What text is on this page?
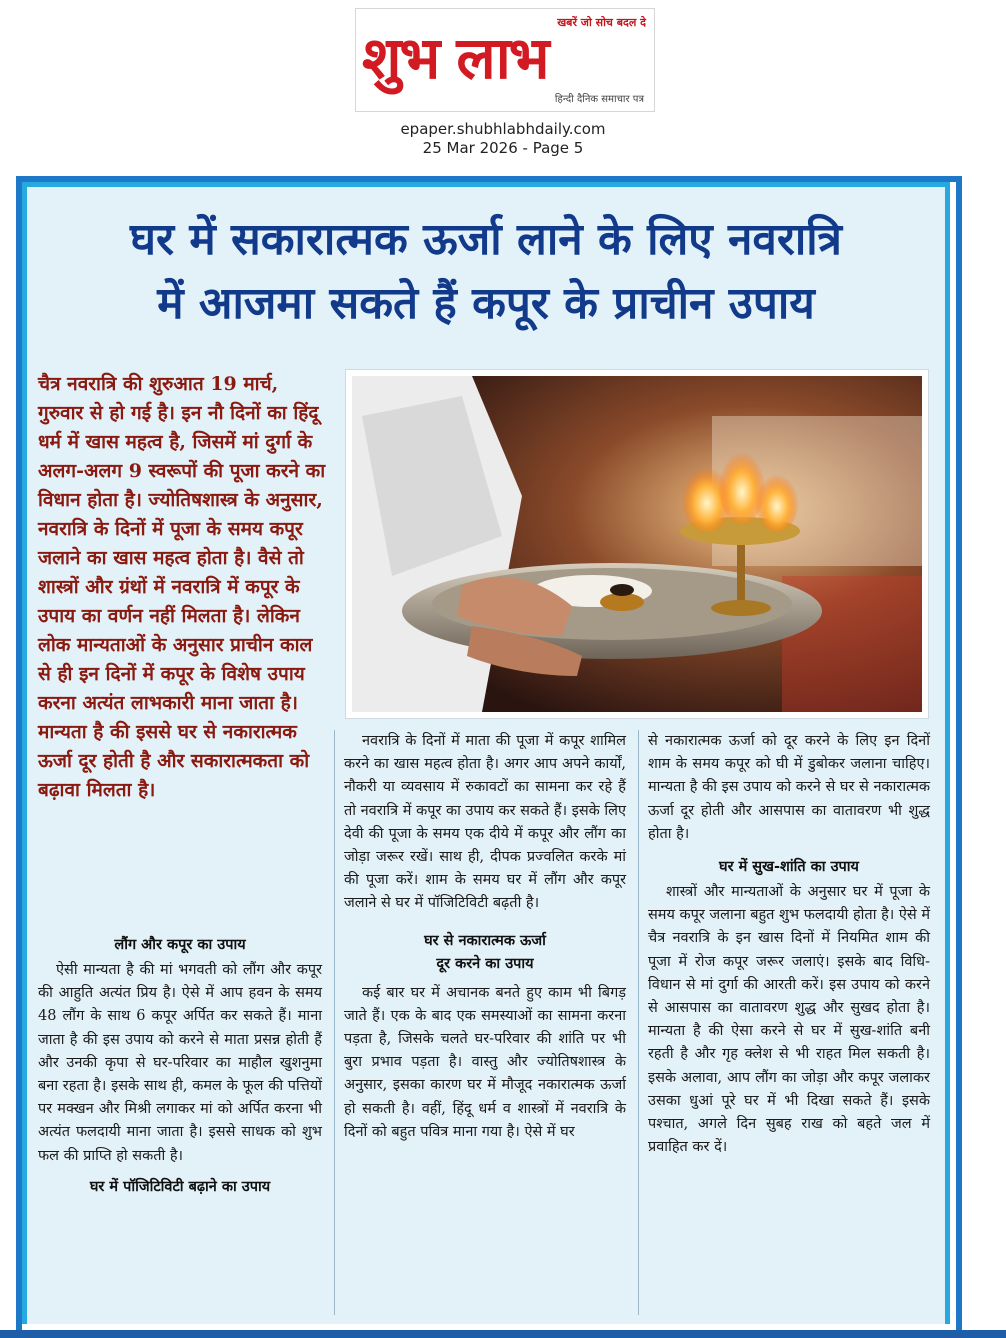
खबरें जो सोच बदल दे
शुभ लाभ
हिन्दी दैनिक समाचार पत्र
epaper.shubhlabhdaily.com
25 Mar 2026 - Page 5
घर में सकारात्मक ऊर्जा लाने के लिए नवरात्रि
में आजमा सकते हैं कपूर के प्राचीन उपाय
चैत्र नवरात्रि की शुरुआत 19 मार्च, गुरुवार से हो गई है। इन नौ दिनों का हिंदू धर्म में खास महत्व है, जिसमें मां दुर्गा के अलग-अलग 9 स्वरूपों की पूजा करने का विधान होता है। ज्योतिषशास्त्र के अनुसार, नवरात्रि के दिनों में पूजा के समय कपूर जलाने का खास महत्व होता है। वैसे तो शास्त्रों और ग्रंथों में नवरात्रि में कपूर के उपाय का वर्णन नहीं मिलता है। लेकिन लोक मान्यताओं के अनुसार प्राचीन काल से ही इन दिनों में कपूर के विशेष उपाय करना अत्यंत लाभकारी माना जाता है। मान्यता है की इससे घर से नकारात्मक ऊर्जा दूर होती है और सकारात्मकता को बढ़ावा मिलता है।
लौंग और कपूर का उपाय

ऐसी मान्यता है की मां भगवती को लौंग और कपूर की आहुति अत्यंत प्रिय है। ऐसे में आप हवन के समय 48 लौंग के साथ 6 कपूर अर्पित कर सकते हैं। माना जाता है की इस उपाय को करने से माता प्रसन्न होती हैं और उनकी कृपा से घर-परिवार का माहौल खुशनुमा बना रहता है। इसके साथ ही, कमल के फूल की पत्तियों पर मक्खन और मिश्री लगाकर मां को अर्पित करना भी अत्यंत फलदायी माना जाता है। इससे साधक को शुभ फल की प्राप्ति हो सकती है।

घर में पॉजिटिविटी बढ़ाने का उपाय

नवरात्रि के दिनों में माता की पूजा में कपूर शामिल करने का खास महत्व होता है। अगर आप अपने कार्यों, नौकरी या व्यवसाय में रुकावटों का सामना कर रहे हैं तो नवरात्रि में कपूर का उपाय कर सकते हैं। इसके लिए देवी की पूजा के समय एक दीये में कपूर और लौंग का जोड़ा जरूर रखें। साथ ही, दीपक प्रज्वलित करके मां की पूजा करें। शाम के समय घर में लौंग और कपूर जलाने से घर में पॉजिटिविटी बढ़ती है।

घर से नकारात्मक ऊर्जा
दूर करने का उपाय

कई बार घर में अचानक बनते हुए काम भी बिगड़ जाते हैं। एक के बाद एक समस्याओं का सामना करना पड़ता है, जिसके चलते घर-परिवार की शांति पर भी बुरा प्रभाव पड़ता है। वास्तु और ज्योतिषशास्त्र के अनुसार, इसका कारण घर में मौजूद नकारात्मक ऊर्जा हो सकती है। वहीं, हिंदू धर्म व शास्त्रों में नवरात्रि के दिनों को बहुत पवित्र माना गया है। ऐसे में घर

से नकारात्मक ऊर्जा को दूर करने के लिए इन दिनों शाम के समय कपूर को घी में डुबोकर जलाना चाहिए। मान्यता है की इस उपाय को करने से घर से नकारात्मक ऊर्जा दूर होती और आसपास का वातावरण भी शुद्ध होता है।

घर में सुख-शांति का उपाय

शास्त्रों और मान्यताओं के अनुसार घर में पूजा के समय कपूर जलाना बहुत शुभ फलदायी होता है। ऐसे में चैत्र नवरात्रि के इन खास दिनों में नियमित शाम की पूजा में रोज कपूर जरूर जलाएं। इसके बाद विधि-विधान से मां दुर्गा की आरती करें। इस उपाय को करने से आसपास का वातावरण शुद्ध और सुखद होता है। मान्यता है की ऐसा करने से घर में सुख-शांति बनी रहती है और गृह क्लेश से भी राहत मिल सकती है। इसके अलावा, आप लौंग का जोड़ा और कपूर जलाकर उसका धुआं पूरे घर में भी दिखा सकते हैं। इसके पश्चात, अगले दिन सुबह राख को बहते जल में प्रवाहित कर दें।
